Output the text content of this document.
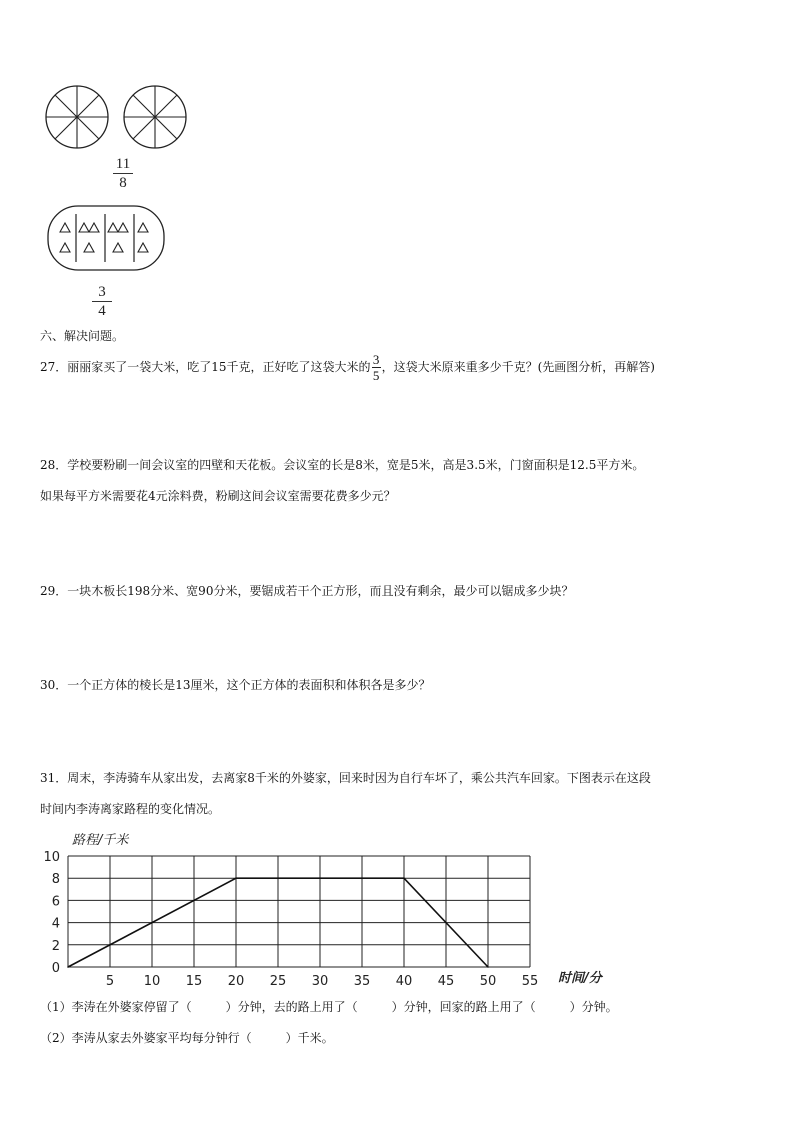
11
8
3
4
六、解决问题。
27．丽丽家买了一袋大米，吃了15千克，正好吃了这袋大米的 $\frac{3}{5}$ ，这袋大米原来重多少千克？(先画图分析，再解答)
28．学校要粉刷一间会议室的四壁和天花板。会议室的长是8米，宽是5米，高是3.5米，门窗面积是12.5平方米。
如果每平方米需要花4元涂料费，粉刷这间会议室需要花费多少元？
29．一块木板长198分米、宽90分米，要锯成若干个正方形，而且没有剩余，最少可以锯成多少块？
30．一个正方体的棱长是13厘米，这个正方体的表面积和体积各是多少？
31．周末，李涛骑车从家出发，去离家8千米的外婆家，回来时因为自行车坏了，乘公共汽车回家。下图表示在这段
时间内李涛离家路程的变化情况。
路程/千米
时间/分
0
2
4
6
8
10
5 10 15 20 25 30 35 40 45 50 55
（1）李涛在外婆家停留了（	）分钟，去的路上用了（	）分钟，回家的路上用了（	）分钟。
（2）李涛从家去外婆家平均每分钟行（	）千米。
